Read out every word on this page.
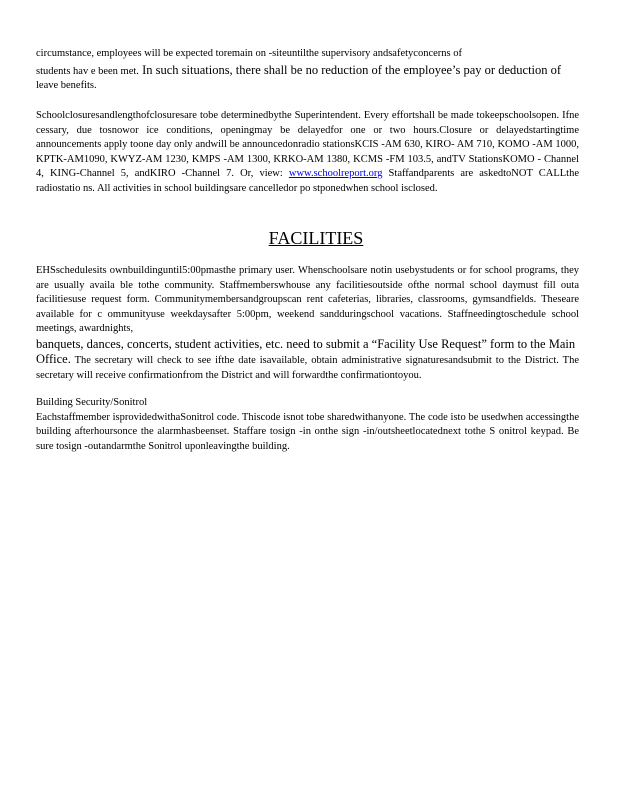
circumstance, employees will be expected toremain on -siteuntilthe supervisory andsafetyconcerns of

students hav e been met. In such situations, there shall be no reduction of the employee’s pay or deduction of

leave benefits.

Schoolclosuresandlengthofclosuresare tobe determinedbythe Superintendent. Every effortshall be made tokeepschoolsopen. Ifne cessary, due tosnowor ice conditions, openingmay be delayedfor one or two hours.Closure or delayedstartingtime announcements apply toone day only andwill be announcedonradio stationsKCIS -AM 630, KIRO- AM 710, KOMO -AM 1000, KPTK-AM1090, KWYZ-AM 1230, KMPS -AM 1300, KRKO-AM 1380, KCMS -FM 103.5, andTV StationsKOMO - Channel 4, KING-Channel 5, andKIRO -Channel 7. Or, view: www.schoolreport.org Staffandparents are askedtoNOT CALLthe radiostatio ns. All activities in school buildingsare cancelledor po stponedwhen school isclosed.

FACILITIES

EHSschedulesits ownbuildinguntil5:00pmasthe primary user. Whenschoolsare notin usebystudents or for school programs, they are usually availa ble tothe community. Staffmemberswhouse any facilitiesoutside ofthe normal school daymust fill outa facilitiesuse request form. Communitymembersandgroupscan rent cafeterias, libraries, classrooms, gymsandfields. Theseare available for c ommunityuse weekdaysafter 5:00pm, weekend sandduringschool vacations. Staffneedingtoschedule school meetings, awardnights,

banquets, dances, concerts, student activities, etc. need to submit a “Facility Use Request” form to the Main

Office. The secretary will check to see ifthe date isavailable, obtain administrative signaturesandsubmit to the District. The secretary will receive confirmationfrom the District and will forwardthe confirmationtoyou.

Building Security/Sonitrol

Eachstaffmember isprovidedwithaSonitrol code. Thiscode isnot tobe sharedwithanyone. The code isto be usedwhen accessingthe building afterhoursonce the alarmhasbeenset. Staffare tosign -in onthe sign -in/outsheetlocatednext tothe S onitrol keypad. Be sure tosign -outandarmthe Sonitrol uponleavingthe building.
